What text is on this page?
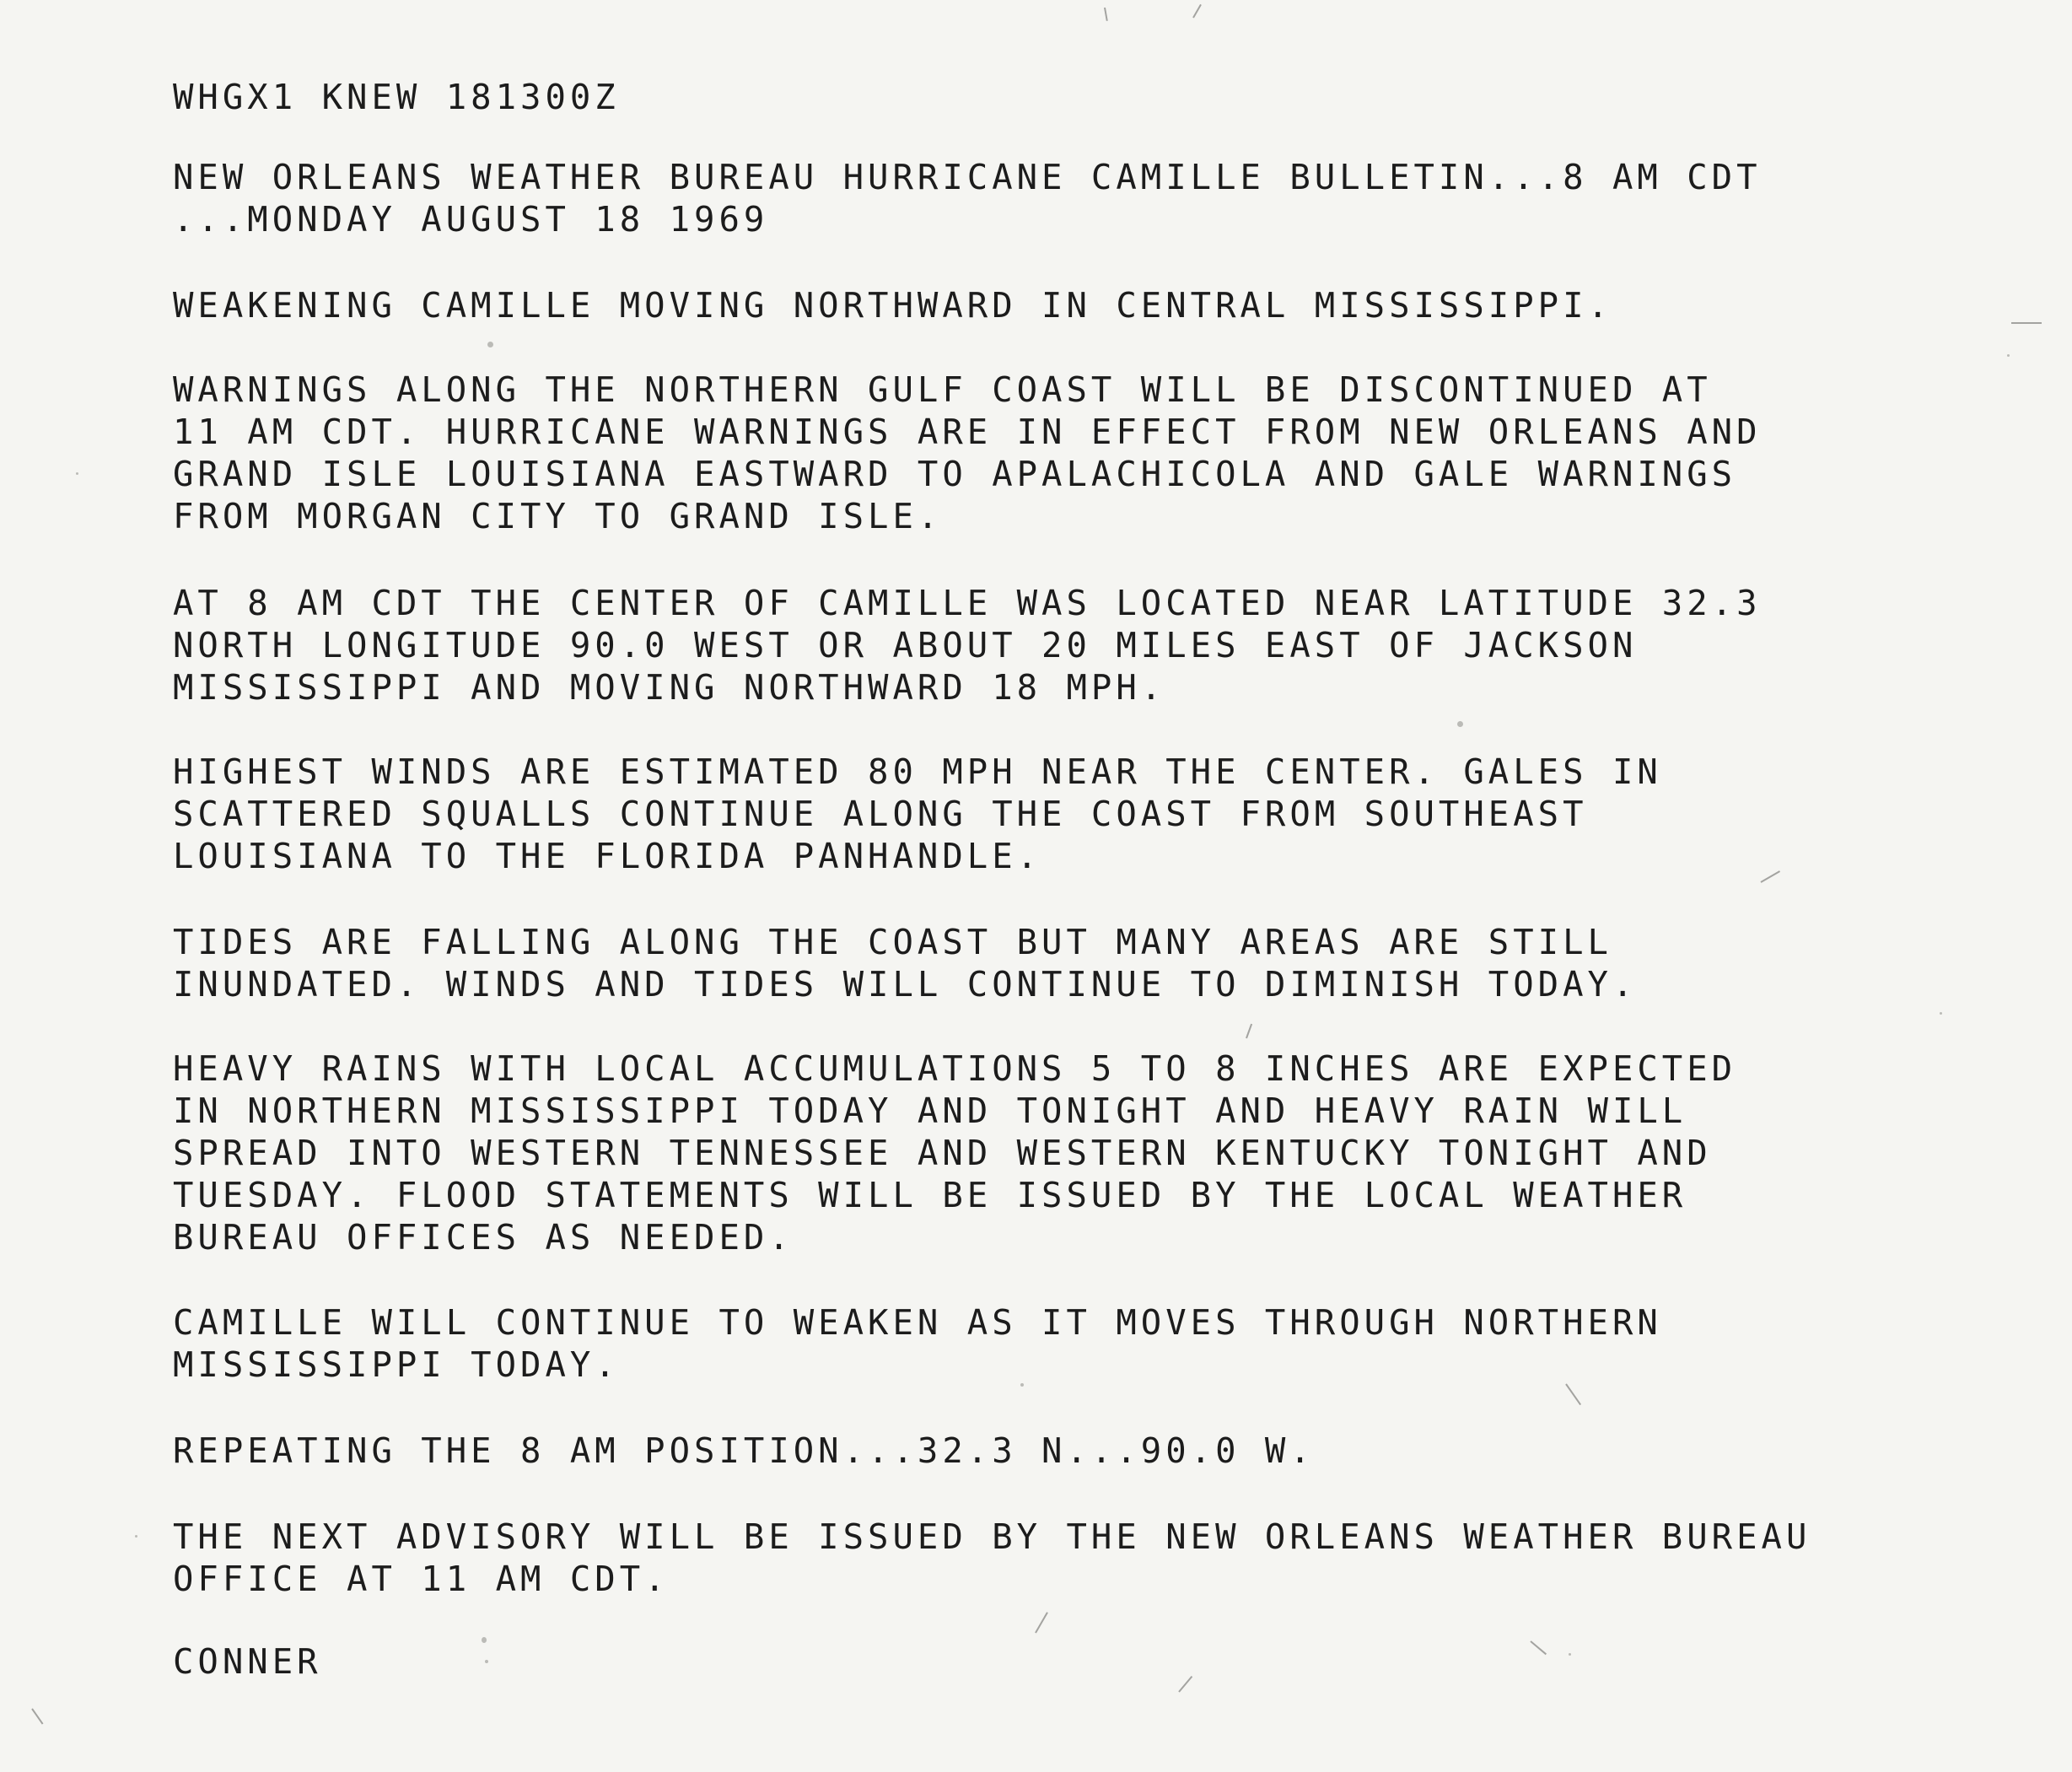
WHGX1 KNEW 181300Z

NEW ORLEANS WEATHER BUREAU HURRICANE CAMILLE BULLETIN...8 AM CDT

...MONDAY AUGUST 18 1969

WEAKENING CAMILLE MOVING NORTHWARD IN CENTRAL MISSISSIPPI.

WARNINGS ALONG THE NORTHERN GULF COAST WILL BE DISCONTINUED AT

11 AM CDT. HURRICANE WARNINGS ARE IN EFFECT FROM NEW ORLEANS AND

GRAND ISLE LOUISIANA EASTWARD TO APALACHICOLA AND GALE WARNINGS

FROM MORGAN CITY TO GRAND ISLE.

AT 8 AM CDT THE CENTER OF CAMILLE WAS LOCATED NEAR LATITUDE 32.3

NORTH LONGITUDE 90.0 WEST OR ABOUT 20 MILES EAST OF JACKSON

MISSISSIPPI AND MOVING NORTHWARD 18 MPH.

HIGHEST WINDS ARE ESTIMATED 80 MPH NEAR THE CENTER. GALES IN

SCATTERED SQUALLS CONTINUE ALONG THE COAST FROM SOUTHEAST

LOUISIANA TO THE FLORIDA PANHANDLE.

TIDES ARE FALLING ALONG THE COAST BUT MANY AREAS ARE STILL

INUNDATED. WINDS AND TIDES WILL CONTINUE TO DIMINISH TODAY.

HEAVY RAINS WITH LOCAL ACCUMULATIONS 5 TO 8 INCHES ARE EXPECTED

IN NORTHERN MISSISSIPPI TODAY AND TONIGHT AND HEAVY RAIN WILL

SPREAD INTO WESTERN TENNESSEE AND WESTERN KENTUCKY TONIGHT AND

TUESDAY. FLOOD STATEMENTS WILL BE ISSUED BY THE LOCAL WEATHER

BUREAU OFFICES AS NEEDED.

CAMILLE WILL CONTINUE TO WEAKEN AS IT MOVES THROUGH NORTHERN

MISSISSIPPI TODAY.

REPEATING THE 8 AM POSITION...32.3 N...90.0 W.

THE NEXT ADVISORY WILL BE ISSUED BY THE NEW ORLEANS WEATHER BUREAU

OFFICE AT 11 AM CDT.

CONNER
